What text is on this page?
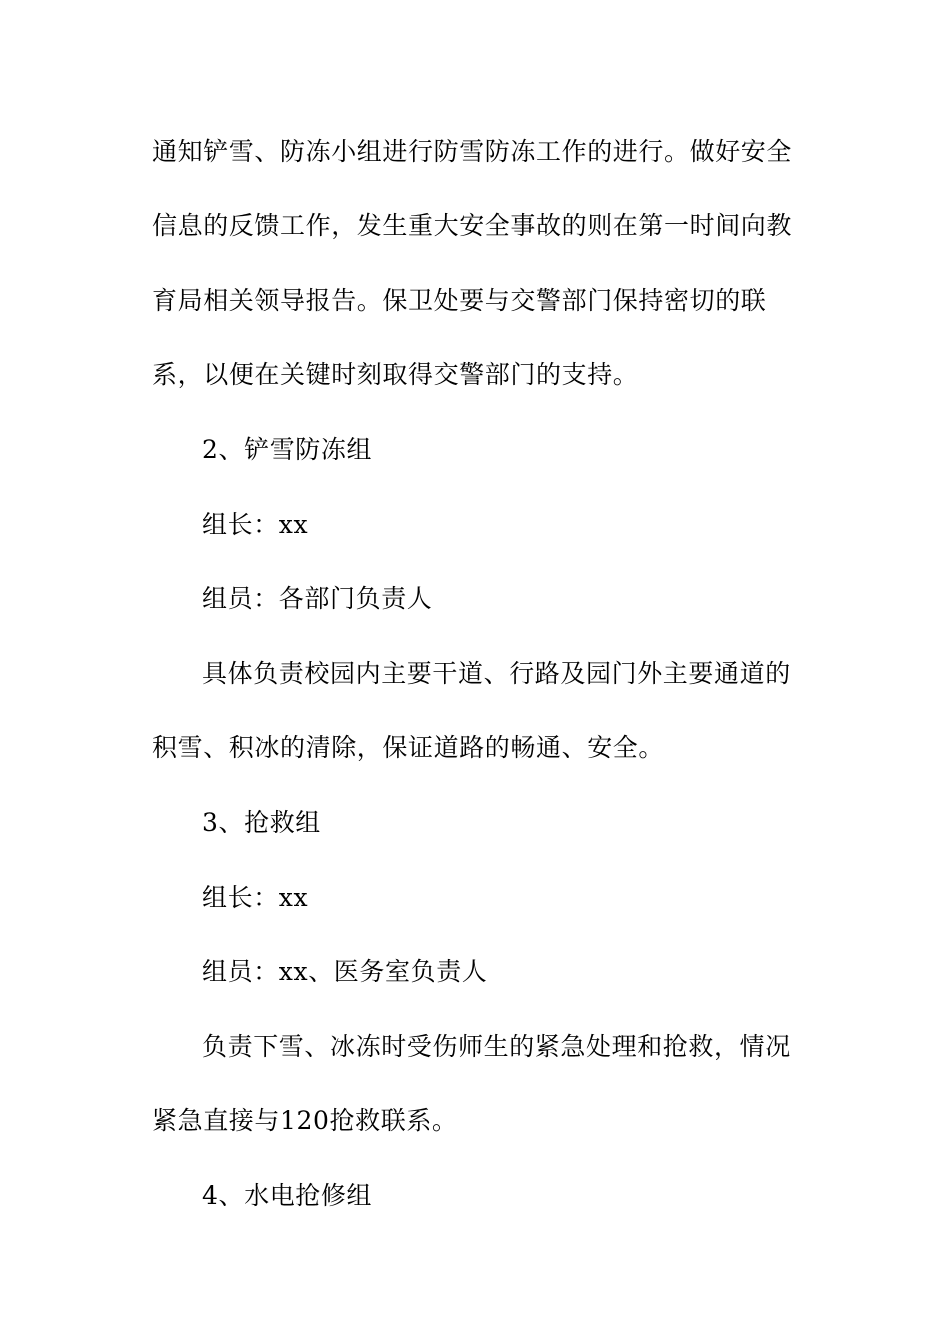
通知铲雪、防冻小组进行防雪防冻工作的进行。做好安全
信息的反馈工作，发生重大安全事故的则在第一时间向教
育局相关领导报告。保卫处要与交警部门保持密切的联
系，以便在关键时刻取得交警部门的支持。
2、铲雪防冻组
组长：xx
组员：各部门负责人
具体负责校园内主要干道、行路及园门外主要通道的
积雪、积冰的清除，保证道路的畅通、安全。
3、抢救组
组长：xx
组员：xx、医务室负责人
负责下雪、冰冻时受伤师生的紧急处理和抢救，情况
紧急直接与120抢救联系。
4、水电抢修组
